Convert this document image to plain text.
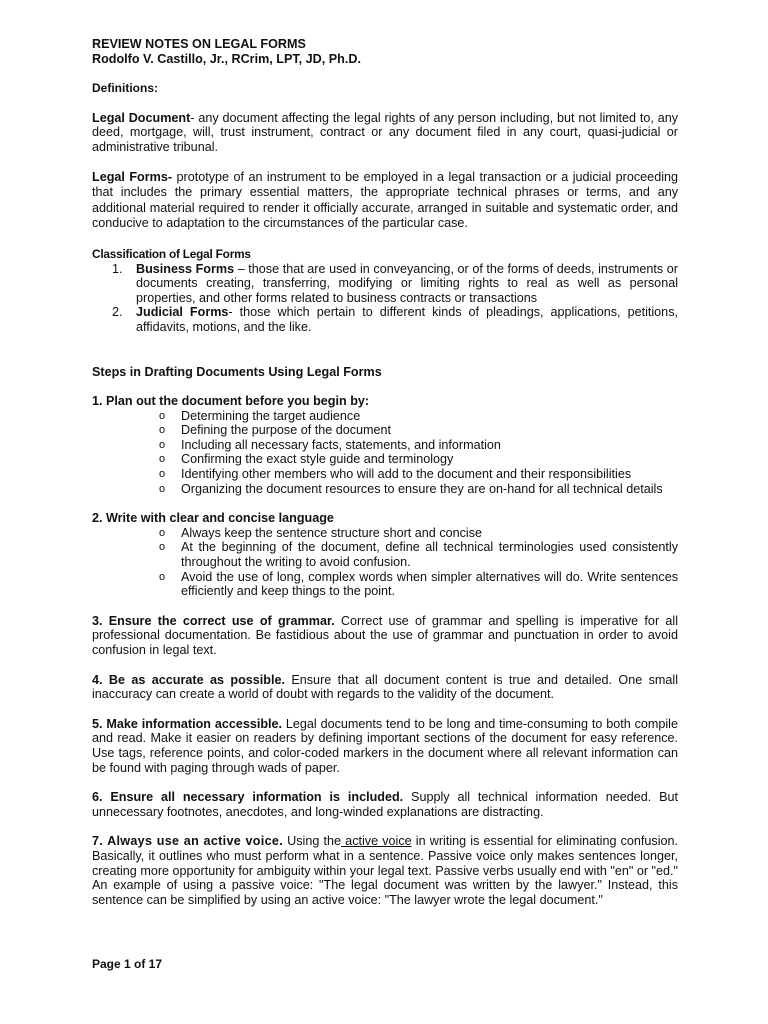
REVIEW NOTES ON LEGAL FORMS

Rodolfo V. Castillo, Jr., RCrim, LPT, JD, Ph.D.

Definitions:

Legal Document- any document affecting the legal rights of any person including, but not limited to, any deed, mortgage, will, trust instrument, contract or any document filed in any court, quasi-judicial or administrative tribunal.

Legal Forms- prototype of an instrument to be employed in a legal transaction or a judicial proceeding that includes the primary essential matters, the appropriate technical phrases or terms, and any additional material required to render it officially accurate, arranged in suitable and systematic order, and conducive to adaptation to the circumstances of the particular case.

Classification of Legal Forms

1. Business Forms – those that are used in conveyancing, or of the forms of deeds, instruments or documents creating, transferring, modifying or limiting rights to real as well as personal properties, and other forms related to business contracts or transactions
2. Judicial Forms- those which pertain to different kinds of pleadings, applications, petitions, affidavits, motions, and the like.

Steps in Drafting Documents Using Legal Forms

1. Plan out the document before you begin by:

o Determining the target audience
o Defining the purpose of the document
o Including all necessary facts, statements, and information
o Confirming the exact style guide and terminology
o Identifying other members who will add to the document and their responsibilities
o Organizing the document resources to ensure they are on-hand for all technical details

2. Write with clear and concise language

o Always keep the sentence structure short and concise
o At the beginning of the document, define all technical terminologies used consistently throughout the writing to avoid confusion.
o Avoid the use of long, complex words when simpler alternatives will do. Write sentences efficiently and keep things to the point.

3. Ensure the correct use of grammar. Correct use of grammar and spelling is imperative for all professional documentation. Be fastidious about the use of grammar and punctuation in order to avoid confusion in legal text.

4. Be as accurate as possible. Ensure that all document content is true and detailed. One small inaccuracy can create a world of doubt with regards to the validity of the document.

5. Make information accessible. Legal documents tend to be long and time-consuming to both compile and read. Make it easier on readers by defining important sections of the document for easy reference. Use tags, reference points, and color-coded markers in the document where all relevant information can be found with paging through wads of paper.

6. Ensure all necessary information is included. Supply all technical information needed. But unnecessary footnotes, anecdotes, and long-winded explanations are distracting.

7. Always use an active voice. Using the active voice in writing is essential for eliminating confusion. Basically, it outlines who must perform what in a sentence. Passive voice only makes sentences longer, creating more opportunity for ambiguity within your legal text. Passive verbs usually end with "en" or "ed." An example of using a passive voice: "The legal document was written by the lawyer." Instead, this sentence can be simplified by using an active voice: "The lawyer wrote the legal document."

Page 1 of 17
